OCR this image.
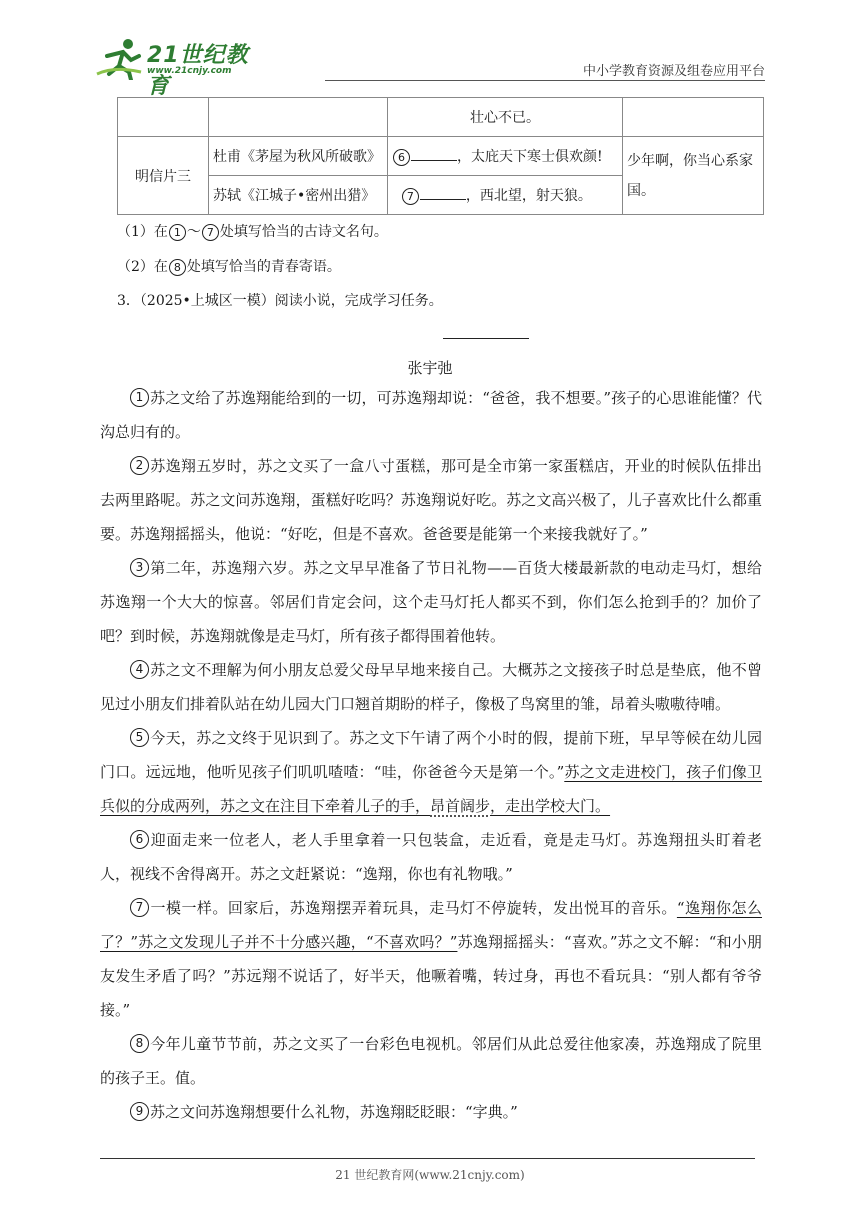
21世纪教育
www.21cnjy.com	中小学教育资源及组卷应用平台
		壮心不已。	
明信片三	杜甫《茅屋为秋风所破歌》	6 ，太庇天下寒士俱欢颜!	少年啊，你当心系家国。
	苏轼《江城子•密州出猎》	7 ，西北望，射天狼。	
（1）在 1 ～ 7 处填写恰当的古诗文名句。
（2）在 8 处填写恰当的青春寄语。
3．（2025•上城区一模）阅读小说，完成学习任务。
张宇弛
1 苏之文给了苏逸翔能给到的一切，可苏逸翔却说：“爸爸，我不想要。”孩子的心思谁能懂？代沟总归有的。
2 苏逸翔五岁时，苏之文买了一盒八寸蛋糕，那可是全市第一家蛋糕店，开业的时候队伍排出去两里路呢。苏之文问苏逸翔，蛋糕好吃吗？苏逸翔说好吃。苏之文高兴极了，儿子喜欢比什么都重要。苏逸翔摇摇头，他说：“好吃，但是不喜欢。爸爸要是能第一个来接我就好了。”
3 第二年，苏逸翔六岁。苏之文早早准备了节日礼物——百货大楼最新款的电动走马灯，想给苏逸翔一个大大的惊喜。邻居们肯定会问，这个走马灯托人都买不到，你们怎么抢到手的？加价了吧？到时候，苏逸翔就像是走马灯，所有孩子都得围着他转。
4 苏之文不理解为何小朋友总爱父母早早地来接自己。大概苏之文接孩子时总是垫底，他不曾见过小朋友们排着队站在幼儿园大门口翘首期盼的样子，像极了鸟窝里的雏，昂着头嗷嗷待哺。
5 今天，苏之文终于见识到了。苏之文下午请了两个小时的假，提前下班，早早等候在幼儿园门口。远远地，他听见孩子们叽叽喳喳：“哇，你爸爸今天是第一个。”苏之文走进校门，孩子们像卫兵似的分成两列，苏之文在注目下牵着儿子的手，昂首阔步，走出学校大门。
6 迎面走来一位老人，老人手里拿着一只包装盒，走近看，竟是走马灯。苏逸翔扭头盯着老人，视线不舍得离开。苏之文赶紧说：“逸翔，你也有礼物哦。”
7 一模一样。回家后，苏逸翔摆弄着玩具，走马灯不停旋转，发出悦耳的音乐。“逸翔你怎么了？”苏之文发现儿子并不十分感兴趣，“不喜欢吗？”苏逸翔摇摇头：“喜欢。”苏之文不解：“和小朋友发生矛盾了吗？”苏远翔不说话了，好半天，他噘着嘴，转过身，再也不看玩具：“别人都有爷爷接。”
8 今年儿童节节前，苏之文买了一台彩色电视机。邻居们从此总爱往他家凑，苏逸翔成了院里的孩子王。值。
9 苏之文问苏逸翔想要什么礼物，苏逸翔眨眨眼：“字典。”
21 世纪教育网(www.21cnjy.com)
